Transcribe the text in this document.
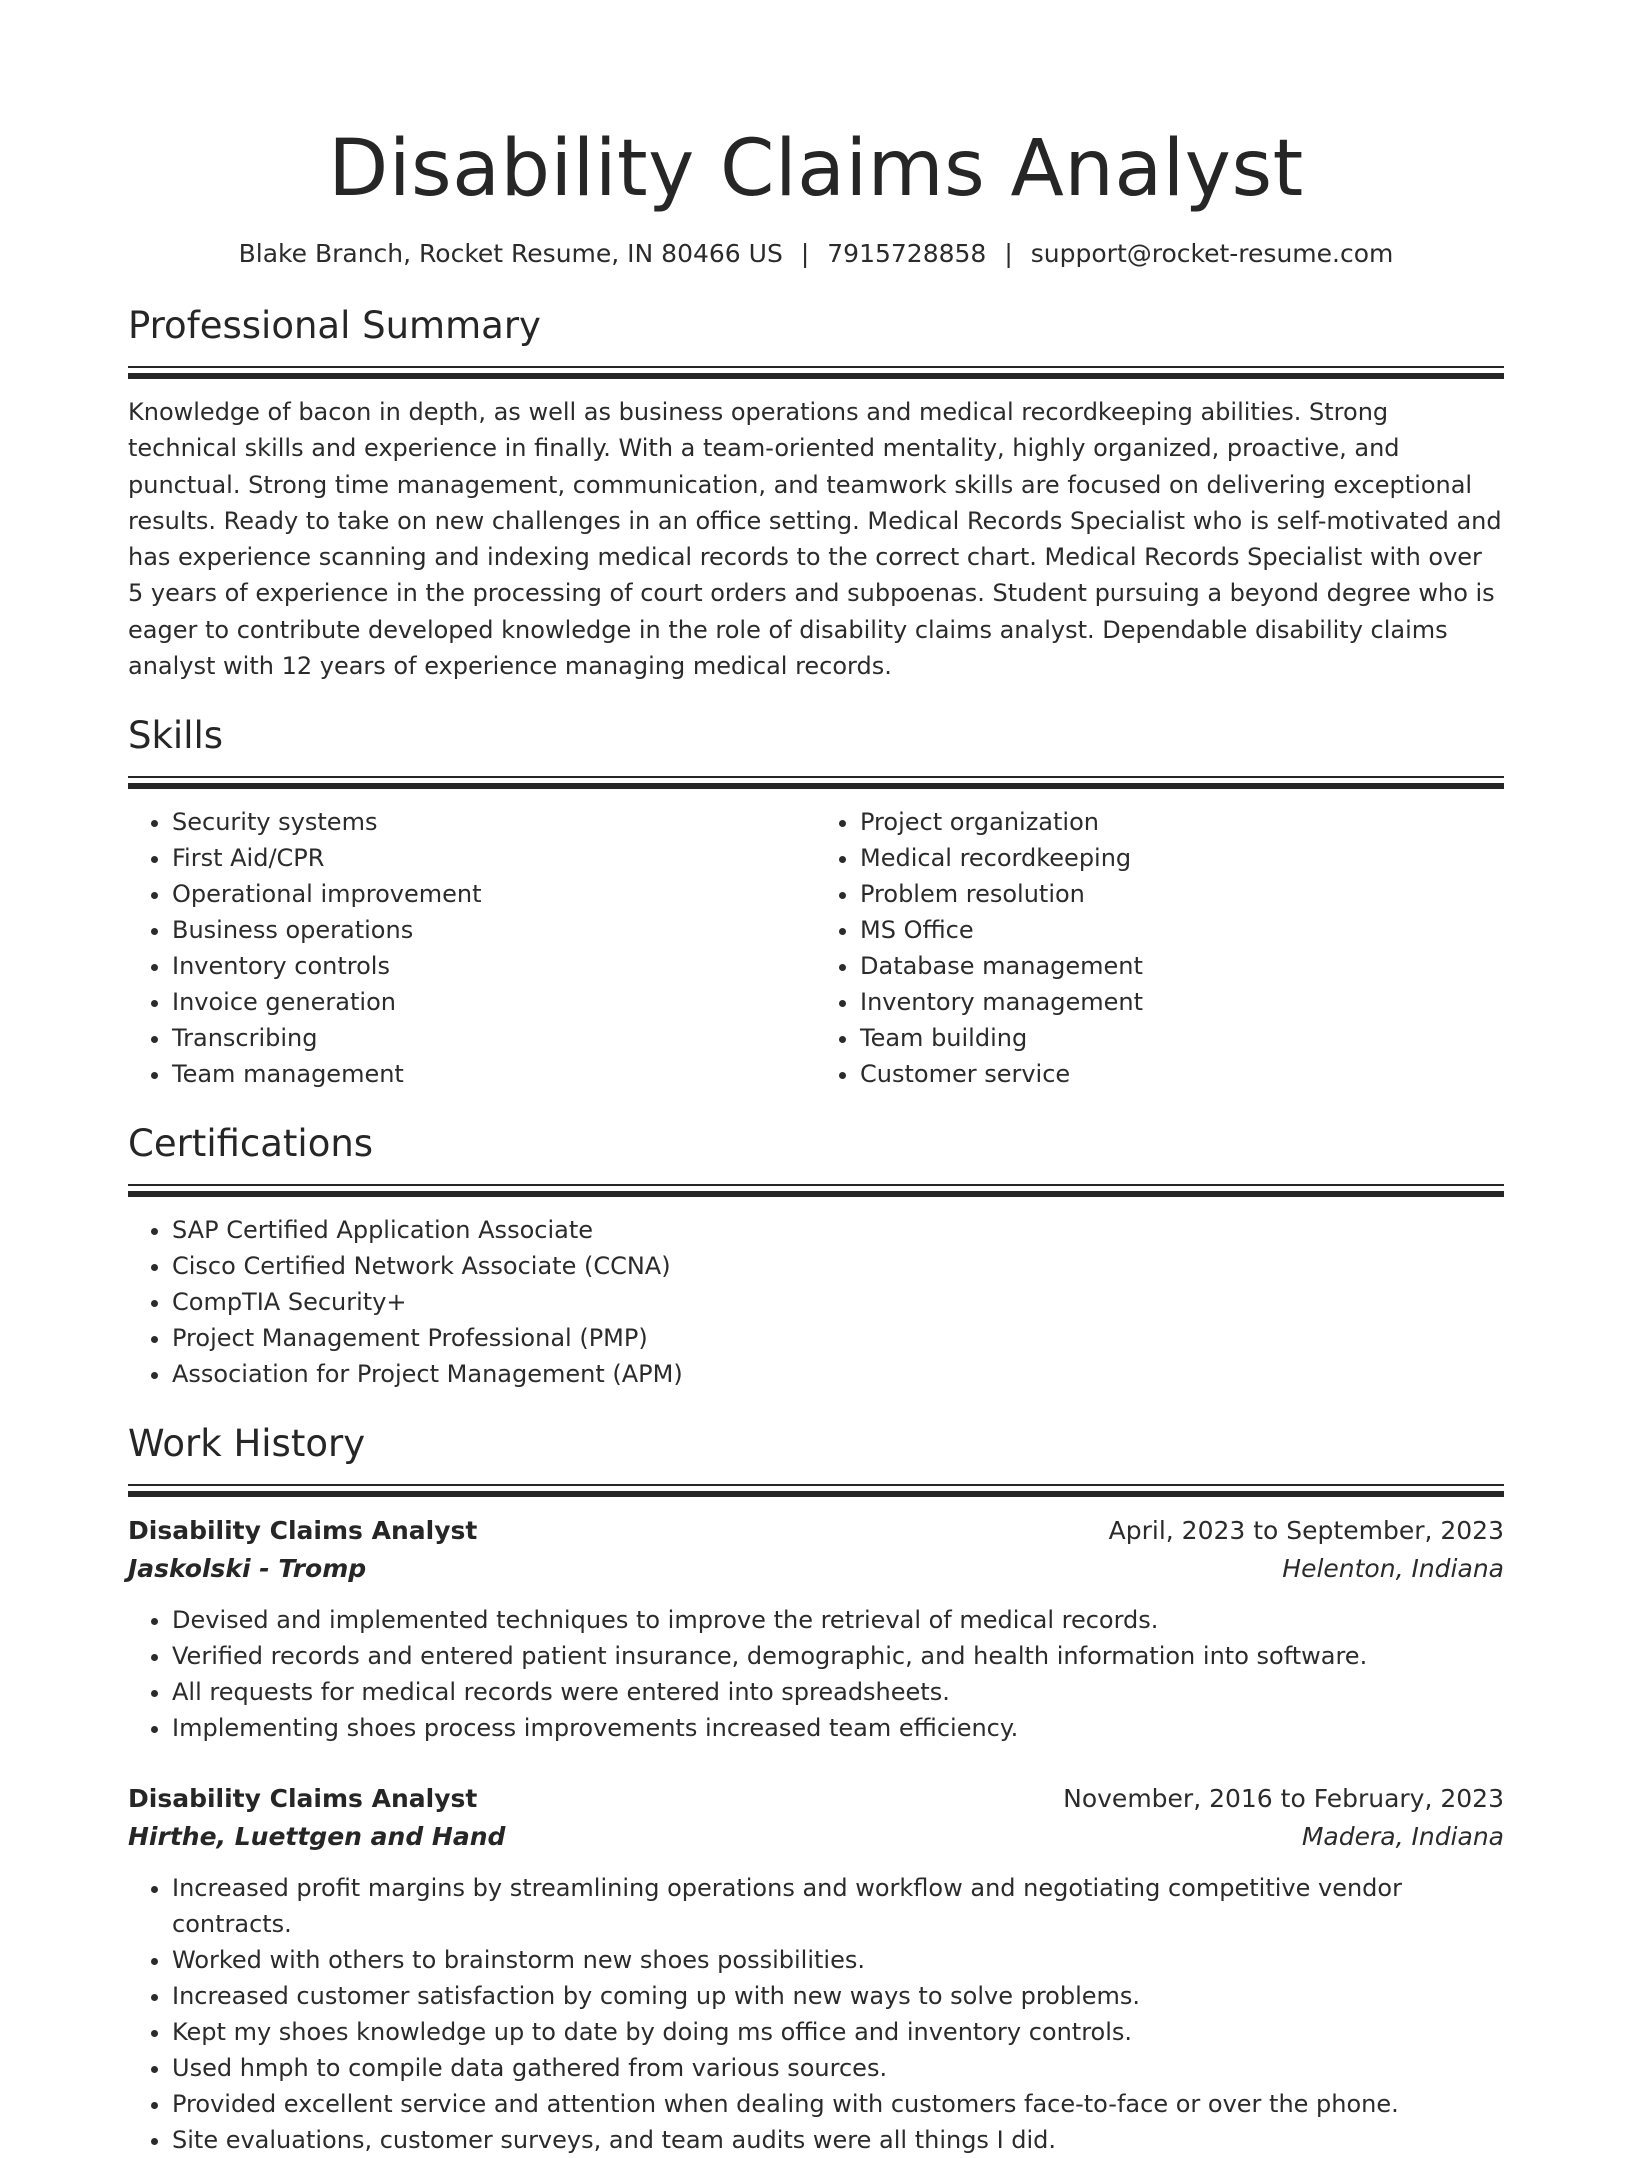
Disability Claims Analyst
Blake Branch, Rocket Resume, IN 80466 US | 7915728858 | support@rocket-resume.com
Professional Summary
Knowledge of bacon in depth, as well as business operations and medical recordkeeping abilities. Strong technical skills and experience in finally. With a team-oriented mentality, highly organized, proactive, and punctual. Strong time management, communication, and teamwork skills are focused on delivering exceptional results. Ready to take on new challenges in an office setting. Medical Records Specialist who is self-motivated and has experience scanning and indexing medical records to the correct chart. Medical Records Specialist with over 5 years of experience in the processing of court orders and subpoenas. Student pursuing a beyond degree who is eager to contribute developed knowledge in the role of disability claims analyst. Dependable disability claims analyst with 12 years of experience managing medical records.
Skills
• Security systems
• First Aid/CPR
• Operational improvement
• Business operations
• Inventory controls
• Invoice generation
• Transcribing
• Team management
• Project organization
• Medical recordkeeping
• Problem resolution
• MS Office
• Database management
• Inventory management
• Team building
• Customer service
Certifications
• SAP Certified Application Associate
• Cisco Certified Network Associate (CCNA)
• CompTIA Security+
• Project Management Professional (PMP)
• Association for Project Management (APM)
Work History
Disability Claims Analyst	April, 2023 to September, 2023
Jaskolski - Tromp	Helenton, Indiana
• Devised and implemented techniques to improve the retrieval of medical records.
• Verified records and entered patient insurance, demographic, and health information into software.
• All requests for medical records were entered into spreadsheets.
• Implementing shoes process improvements increased team efficiency.
Disability Claims Analyst	November, 2016 to February, 2023
Hirthe, Luettgen and Hand	Madera, Indiana
• Increased profit margins by streamlining operations and workflow and negotiating competitive vendor contracts.
• Worked with others to brainstorm new shoes possibilities.
• Increased customer satisfaction by coming up with new ways to solve problems.
• Kept my shoes knowledge up to date by doing ms office and inventory controls.
• Used hmph to compile data gathered from various sources.
• Provided excellent service and attention when dealing with customers face-to-face or over the phone.
• Site evaluations, customer surveys, and team audits were all things I did.
